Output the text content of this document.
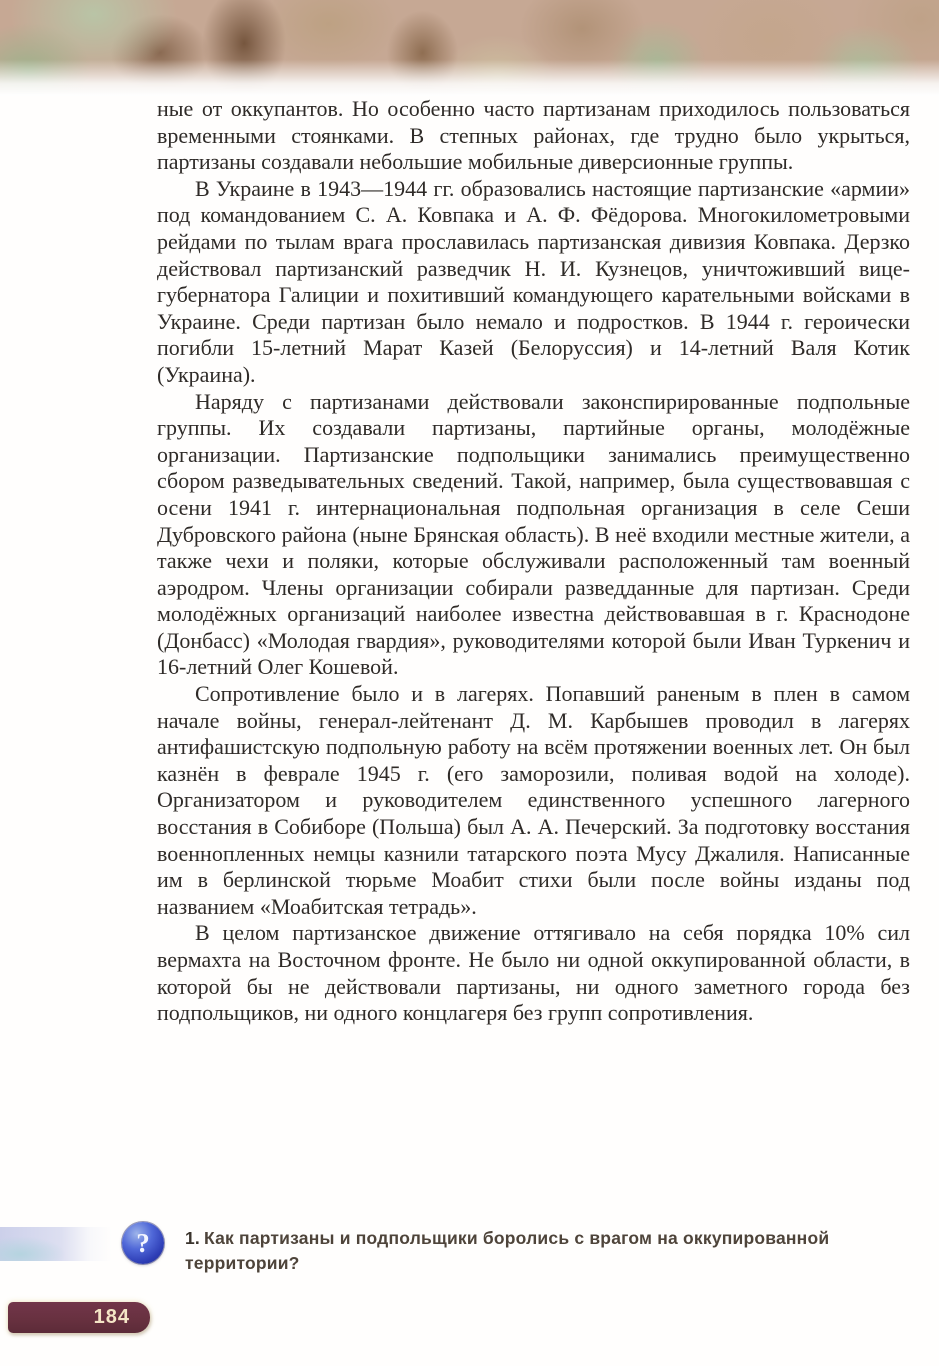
ные от оккупантов. Но особенно часто партизанам приходилось пользоваться временными стоянками. В степных районах, где трудно было укрыться, партизаны создавали небольшие мобильные диверсионные группы.

В Украине в 1943—1944 гг. образовались настоящие партизанские «армии» под командованием С. А. Ковпака и А. Ф. Фёдорова. Многокилометровыми рейдами по тылам врага прославилась партизанская дивизия Ковпака. Дерзко действовал партизанский разведчик Н. И. Кузнецов, уничтоживший вице-губернатора Галиции и похитивший командующего карательными войсками в Украине. Среди партизан было немало и подростков. В 1944 г. героически погибли 15-летний Марат Казей (Белоруссия) и 14-летний Валя Котик (Украина).

Наряду с партизанами действовали законспирированные подпольные группы. Их создавали партизаны, партийные органы, молодёжные организации. Партизанские подпольщики занимались преимущественно сбором разведывательных сведений. Такой, например, была существовавшая с осени 1941 г. интернациональная подпольная организация в селе Сеши Дубровского района (ныне Брянская область). В неё входили местные жители, а также чехи и поляки, которые обслуживали расположенный там военный аэродром. Члены организации собирали разведданные для партизан. Среди молодёжных организаций наиболее известна действовавшая в г. Краснодоне (Донбасс) «Молодая гвардия», руководителями которой были Иван Туркенич и 16-летний Олег Кошевой.

Сопротивление было и в лагерях. Попавший раненым в плен в самом начале войны, генерал-лейтенант Д. М. Карбышев проводил в лагерях антифашистскую подпольную работу на всём протяжении военных лет. Он был казнён в феврале 1945 г. (его заморозили, поливая водой на холоде). Организатором и руководителем единственного успешного лагерного восстания в Собиборе (Польша) был А. А. Печерский. За подготовку восстания военнопленных немцы казнили татарского поэта Мусу Джалиля. Написанные им в берлинской тюрьме Моабит стихи были после войны изданы под названием «Моабитская тетрадь».

В целом партизанское движение оттягивало на себя порядка 10% сил вермахта на Восточном фронте. Не было ни одной оккупированной области, в которой бы не действовали партизаны, ни одного заметного города без подпольщиков, ни одного концлагеря без групп сопротивления.

?	1. Как партизаны и подпольщики боролись с врагом на оккупированной территории?
184
